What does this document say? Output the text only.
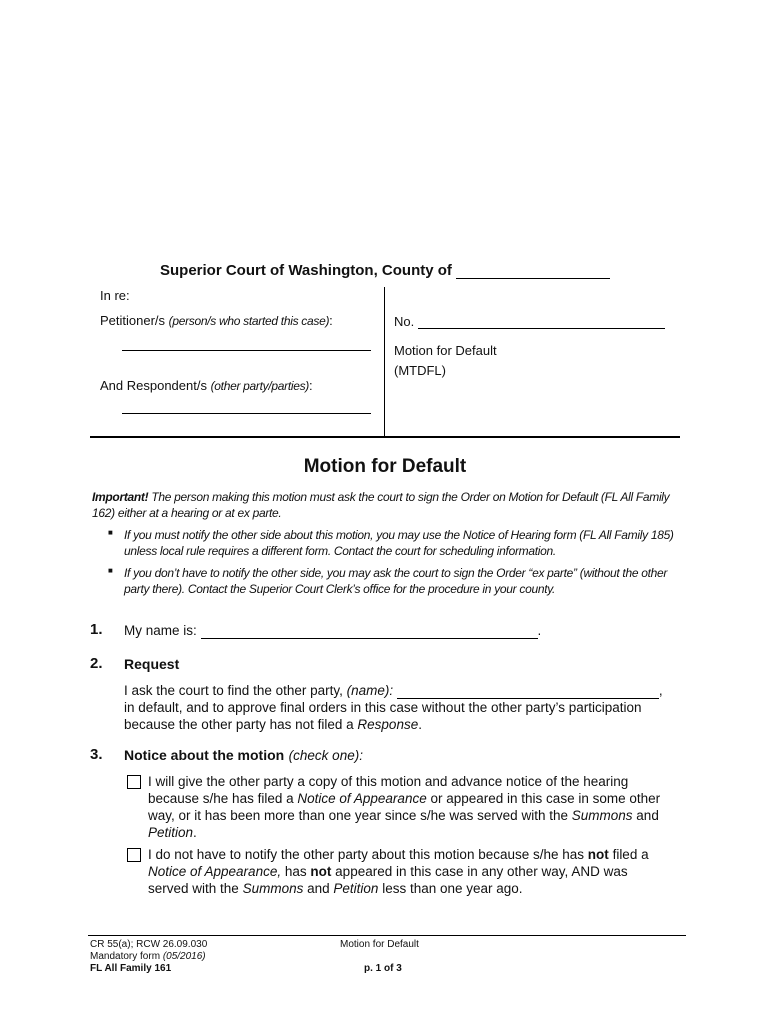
Superior Court of Washington, County of
In re:
Petitioner/s (person/s who started this case):
And Respondent/s (other party/parties):
No.
Motion for Default
(MTDFL)
Motion for Default
Important! The person making this motion must ask the court to sign the Order on Motion for Default (FL All Family 162) either at a hearing or at ex parte.
■ If you must notify the other side about this motion, you may use the Notice of Hearing form (FL All Family 185) unless local rule requires a different form. Contact the court for scheduling information.
■ If you don’t have to notify the other side, you may ask the court to sign the Order “ex parte” (without the other party there). Contact the Superior Court Clerk’s office for the procedure in your county.
1. My name is:	.
2. Request
I ask the court to find the other party, (name):	,
in default, and to approve final orders in this case without the other party’s participation
because the other party has not filed a Response.
3. Notice about the motion (check one):
I will give the other party a copy of this motion and advance notice of the hearing
because s/he has filed a Notice of Appearance or appeared in this case in some other
way, or it has been more than one year since s/he was served with the Summons and
Petition.
I do not have to notify the other party about this motion because s/he has not filed a
Notice of Appearance, has not appeared in this case in any other way, AND was
served with the Summons and Petition less than one year ago.
CR 55(a); RCW 26.09.030
Mandatory form (05/2016)
FL All Family 161
Motion for Default
p. 1 of 3
